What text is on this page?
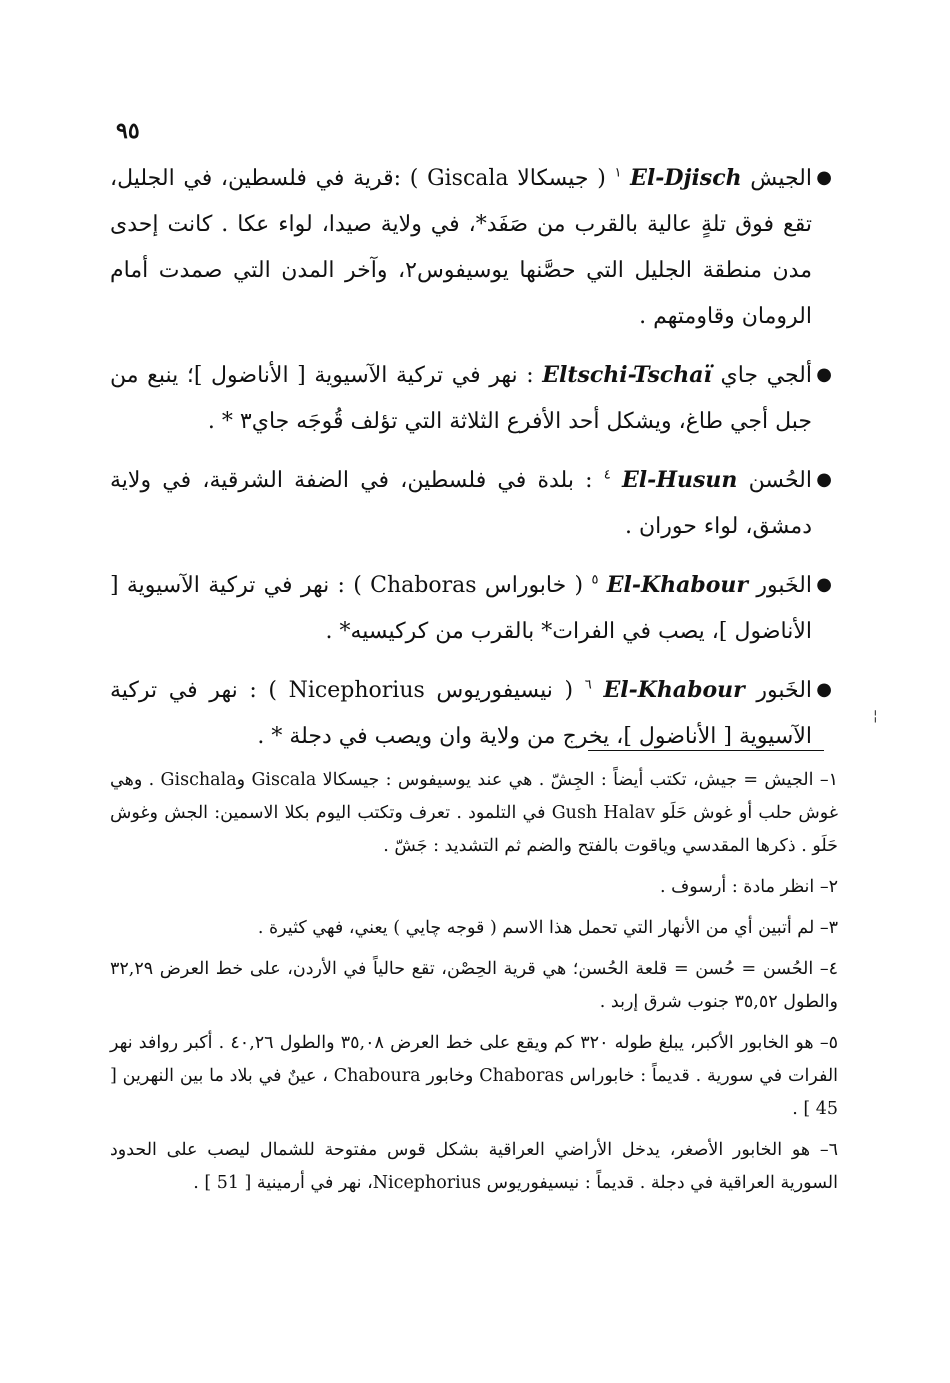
٩٥
●
الجيش El-Djisch $^١$ ( جيسكالا Giscala ) :قرية في فلسطين، في الجليل، تقع فوق تلةٍ عالية بالقرب من صَفَد*، في ولاية صيدا، لواء عكا . كانت إحدى مدن منطقة الجليل التي حصَّنها يوسيفوس٢، وآخر المدن التي صمدت أمام الرومان وقاومتهم .
●
ألجي جاي Eltschi-Tschaï : نهر في تركية الآسيوية [ الأناضول ]؛ ينبع من جبل أجي طاغ، ويشكل أحد الأفرع الثلاثة التي تؤلف قُوجَه جاي٣ * .
●
الحُسن El-Husun $^٤$ : بلدة في فلسطين، في الضفة الشرقية، في ولاية دمشق، لواء حوران .
●
الخَبور El-Khabour $^٥$ ( خابوراس Chaboras ) : نهر في تركية الآسيوية [ الأناضول ]، يصب في الفرات* بالقرب من كركيسيه* .
●
الخَبور El-Khabour $^٦$ ( نيسيفوريوس Nicephorius ) : نهر في تركية الآسيوية [ الأناضول ]، يخرج من ولاية وان ويصب في دجلة * .
¦
١– الجيش = جيش، تكتب أيضاً : الجِشّ . هي عند يوسيفوس : جيسكالا Giscala وGischala . وهي غوش حلب أو غوش حَلَو Gush Halav في التلمود . تعرف وتكتب اليوم بكلا الاسمين: الجش وغوش حَلَو . ذكرها المقدسي وياقوت بالفتح والضم ثم التشديد : جَشّ .
٢– انظر مادة : أرسوف .
٣– لم أتبين أي من الأنهار التي تحمل هذا الاسم ( قوجه چايي ) يعني، فهي كثيرة .
٤– الحُسن = حُسن = قلعة الحُسن؛ هي قرية الحِصْن، تقع حالياً في الأردن، على خط العرض ٣٢,٢٩ والطول ٣٥,٥٢ جنوب شرق إربد .
٥– هو الخابور الأكبر، يبلغ طوله ٣٢٠ كم ويقع على خط العرض ٣٥,٠٨ والطول ٤٠,٢٦ . أكبر روافد نهر الفرات في سورية . قديماً : خابوراس Chaboras وخابور Chaboura ، عينٌ في بلاد ما بين النهرين [ 45 ] .
٦– هو الخابور الأصغر، يدخل الأراضي العراقية بشكل قوس مفتوحة للشمال ليصب على الحدود السورية العراقية في دجلة . قديماً : نيسيفوريوس Nicephorius، نهر في أرمينية [ 51 ] .
